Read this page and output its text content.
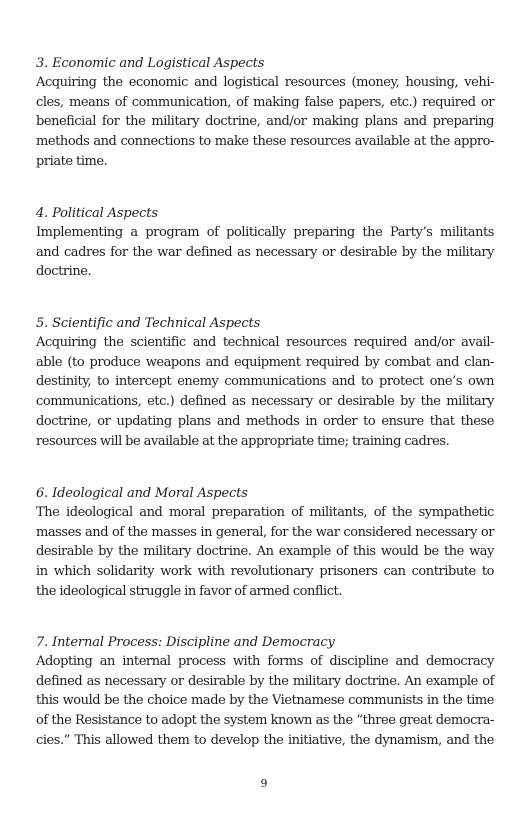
3. Economic and Logistical Aspects

Acquiring the economic and logistical resources (money, housing, vehi-
cles, means of communication, of making false papers, etc.) required or
beneficial for the military doctrine, and/or making plans and preparing
methods and connections to make these resources available at the appro-
priate time.

4. Political Aspects

Implementing a program of politically preparing the Party’s militants
and cadres for the war defined as necessary or desirable by the military
doctrine.

5. Scientific and Technical Aspects

Acquiring the scientific and technical resources required and/or avail-
able (to produce weapons and equipment required by combat and clan-
destinity, to intercept enemy communications and to protect one’s own
communications, etc.) defined as necessary or desirable by the military
doctrine, or updating plans and methods in order to ensure that these
resources will be available at the appropriate time; training cadres.

6. Ideological and Moral Aspects

The ideological and moral preparation of militants, of the sympathetic
masses and of the masses in general, for the war considered necessary or
desirable by the military doctrine. An example of this would be the way
in which solidarity work with revolutionary prisoners can contribute to
the ideological struggle in favor of armed conflict.

7. Internal Process: Discipline and Democracy

Adopting an internal process with forms of discipline and democracy
defined as necessary or desirable by the military doctrine. An example of
this would be the choice made by the Vietnamese communists in the time
of the Resistance to adopt the system known as the “three great democra-
cies.” This allowed them to develop the initiative, the dynamism, and the

9
